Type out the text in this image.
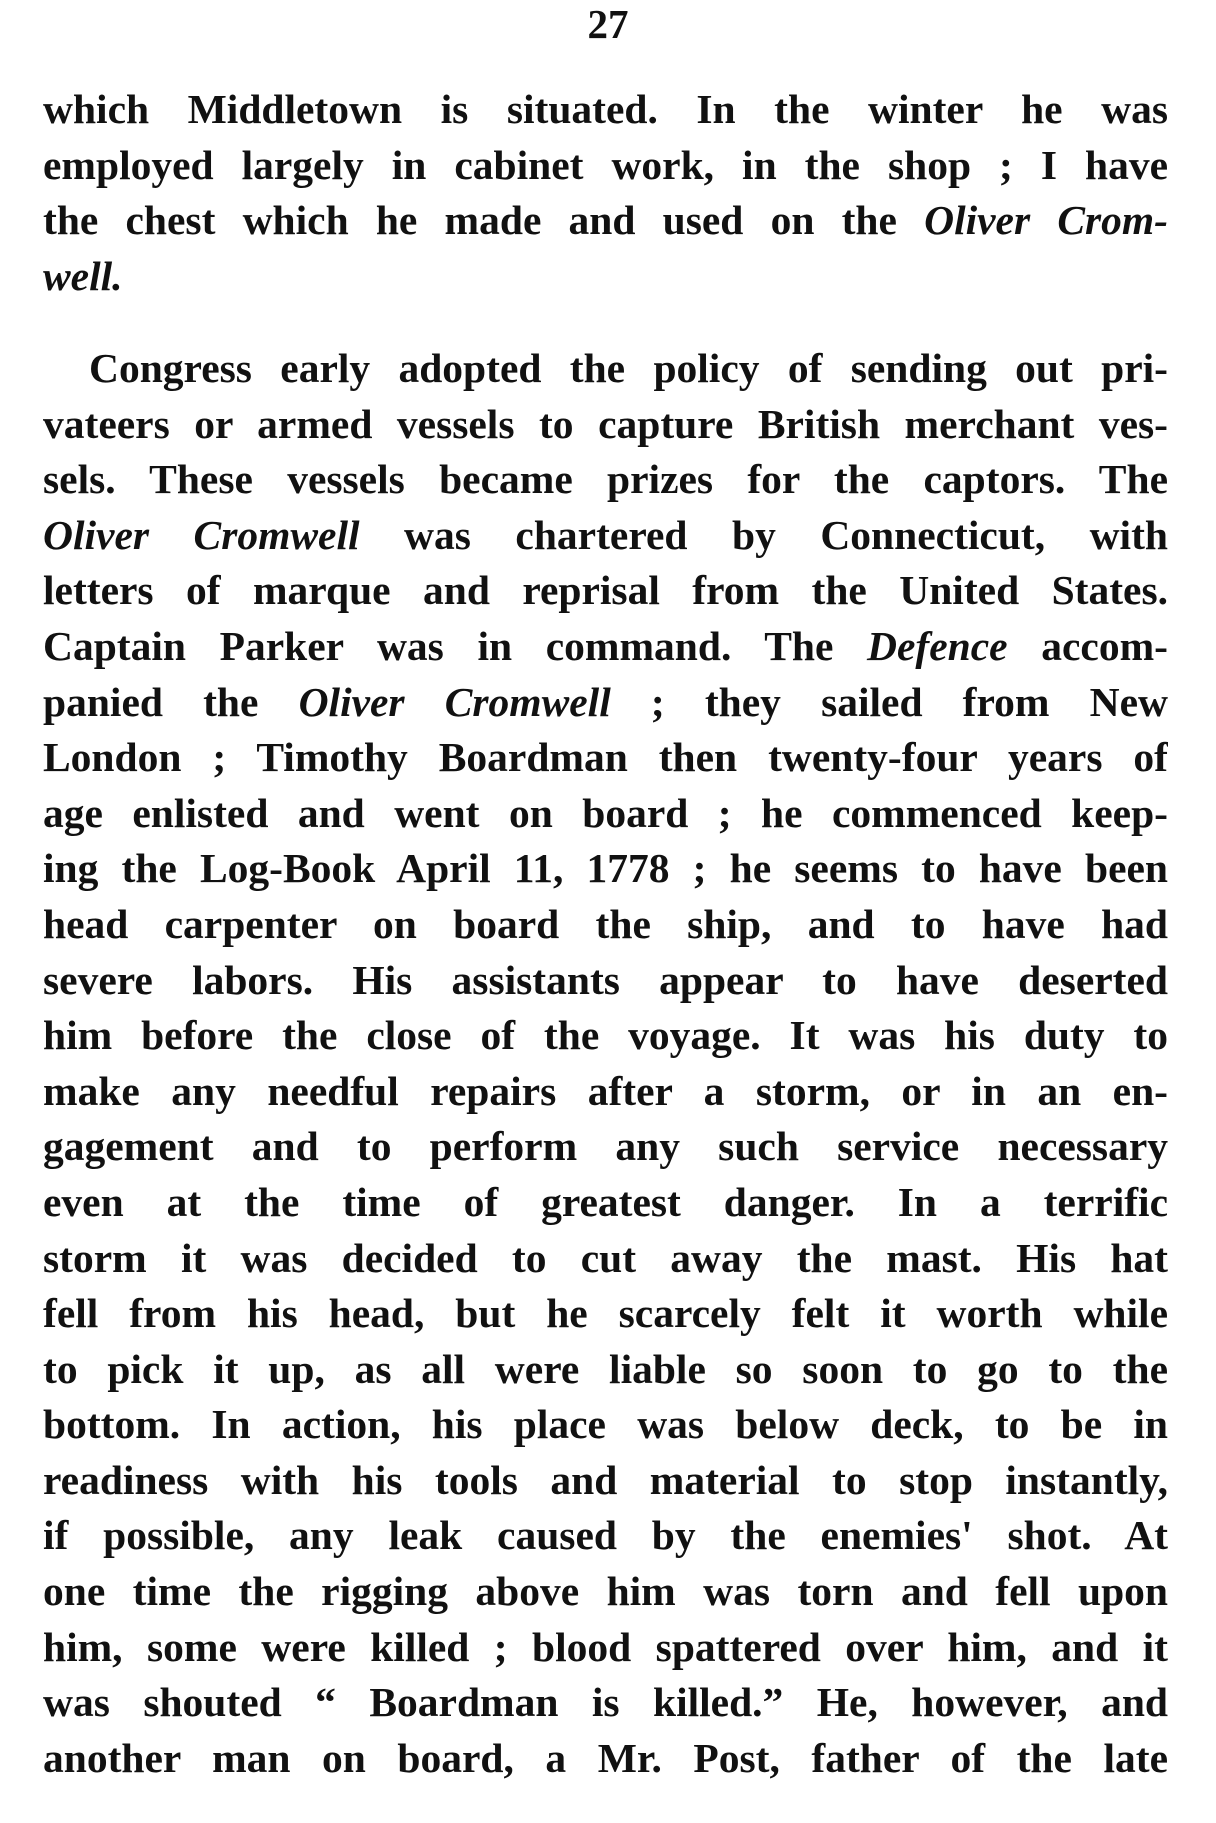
27
which Middletown is situated. In the winter he was
employed largely in cabinet work, in the shop ; I have
the chest which he made and used on the Oliver Crom-
well.
Congress early adopted the policy of sending out pri-
vateers or armed vessels to capture British merchant ves-
sels. These vessels became prizes for the captors. The
Oliver Cromwell was chartered by Connecticut, with
letters of marque and reprisal from the United States.
Captain Parker was in command. The Defence accom-
panied the Oliver Cromwell ; they sailed from New
London ; Timothy Boardman then twenty-four years of
age enlisted and went on board ; he commenced keep-
ing the Log-Book April 11, 1778 ; he seems to have been
head carpenter on board the ship, and to have had
severe labors. His assistants appear to have deserted
him before the close of the voyage. It was his duty to
make any needful repairs after a storm, or in an en-
gagement and to perform any such service necessary
even at the time of greatest danger. In a terrific
storm it was decided to cut away the mast. His hat
fell from his head, but he scarcely felt it worth while
to pick it up, as all were liable so soon to go to the
bottom. In action, his place was below deck, to be in
readiness with his tools and material to stop instantly,
if possible, any leak caused by the enemies' shot. At
one time the rigging above him was torn and fell upon
him, some were killed ; blood spattered over him, and it
was shouted “ Boardman is killed.” He, however, and
another man on board, a Mr. Post, father of the late
